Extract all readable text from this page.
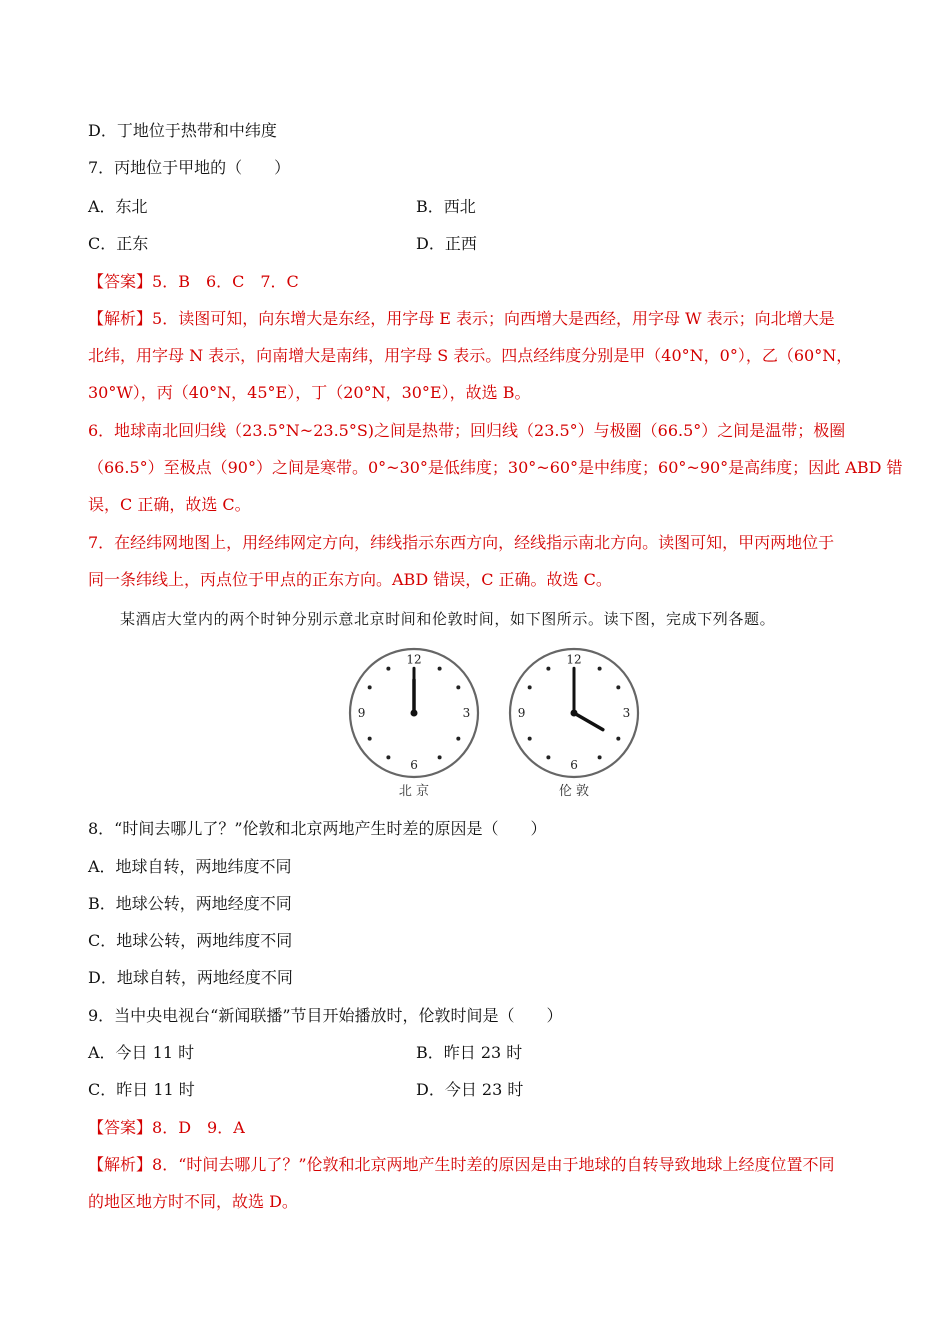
D．丁地位于热带和中纬度
7．丙地位于甲地的（　　）
A．东北	B．西北
C．正东	D．正西
【答案】5．B　6．C　7．C
【解析】5．读图可知，向东增大是东经，用字母 E 表示；向西增大是西经，用字母 W 表示；向北增大是
北纬，用字母 N 表示，向南增大是南纬，用字母 S 表示。四点经纬度分别是甲（40°N，0°），乙（60°N，
30°W），丙（40°N，45°E），丁（20°N，30°E），故选 B。
6．地球南北回归线（23.5°N~23.5°S)之间是热带；回归线（23.5°）与极圈（66.5°）之间是温带；极圈
（66.5°）至极点（90°）之间是寒带。0°~30°是低纬度；30°~60°是中纬度；60°~90°是高纬度；因此 ABD 错
误，C 正确，故选 C。
7．在经纬网地图上，用经纬网定方向，纬线指示东西方向，经线指示南北方向。读图可知，甲丙两地位于
同一条纬线上，丙点位于甲点的正东方向。ABD 错误，C 正确。故选 C。
某酒店大堂内的两个时钟分别示意北京时间和伦敦时间，如下图所示。读下图，完成下列各题。
12
3
6
9
12
3
6
9
北 京	伦 敦
8．“时间去哪儿了？”伦敦和北京两地产生时差的原因是（　　）
A．地球自转，两地纬度不同
B．地球公转，两地经度不同
C．地球公转，两地纬度不同
D．地球自转，两地经度不同
9．当中央电视台“新闻联播”节目开始播放时，伦敦时间是（　　）
A．今日 11 时	B．昨日 23 时
C．昨日 11 时	D．今日 23 时
【答案】8．D　9．A
【解析】8．“时间去哪儿了？”伦敦和北京两地产生时差的原因是由于地球的自转导致地球上经度位置不同
的地区地方时不同，故选 D。
